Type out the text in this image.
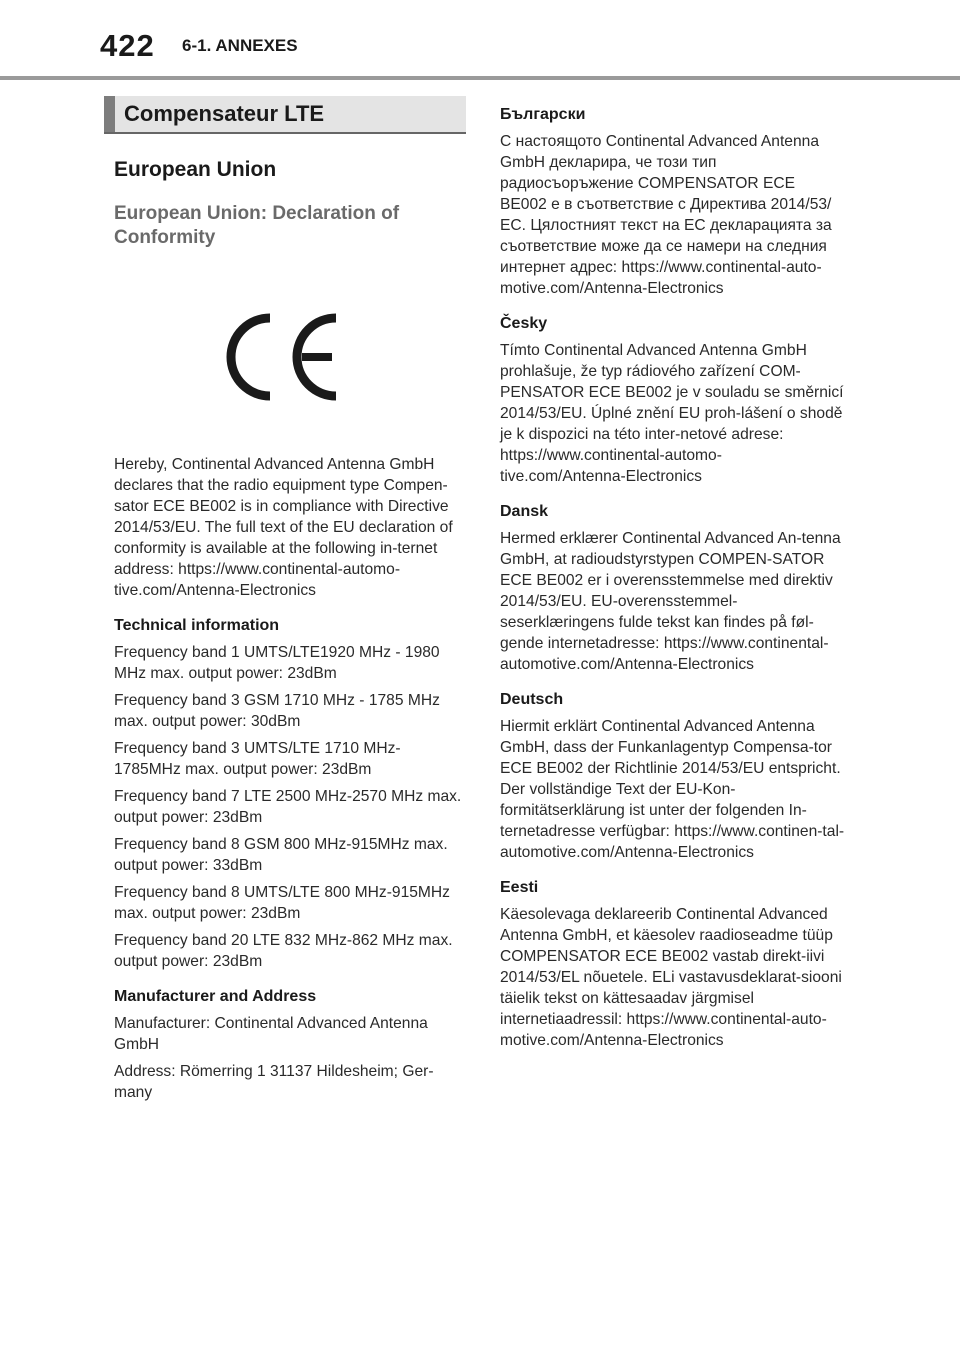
422 6-1. ANNEXES
Compensateur LTE
European Union
European Union: Declaration of Conformity

Hereby, Continental Advanced Antenna GmbH declares that the radio equipment type Compen-sator ECE BE002 is in compliance with Directive 2014/53/EU. The full text of the EU declaration of conformity is available at the following in-ternet address: https://www.continental-automo-tive.com/Antenna-Electronics

Technical information

Frequency band 1 UMTS/LTE1920 MHz - 1980 MHz max. output power: 23dBm

Frequency band 3 GSM 1710 MHz - 1785 MHz max. output power: 30dBm

Frequency band 3 UMTS/LTE 1710 MHz-1785MHz max. output power: 23dBm

Frequency band 7 LTE 2500 MHz-2570 MHz max. output power: 23dBm

Frequency band 8 GSM 800 MHz-915MHz max. output power: 33dBm

Frequency band 8 UMTS/LTE 800 MHz-915MHz max. output power: 23dBm

Frequency band 20 LTE 832 MHz-862 MHz max. output power: 23dBm

Manufacturer and Address

Manufacturer: Continental Advanced Antenna GmbH

Address: Römerring 1 31137 Hildesheim; Ger-many

Български

С настоящото Continental Advanced Antenna GmbH декларира, че този тип радиосъоръжение COMPENSATOR ECE BE002 е в съответствие с Директива 2014/53/ЕС. Цялостният текст на ЕС декларацията за съответствие може да се намери на следния интернет адрес: https://www.continental-auto-motive.com/Antenna-Electronics

Česky

Tímto Continental Advanced Antenna GmbH prohlašuje, že typ rádiového zařízení COM-PENSATOR ECE BE002 je v souladu se směrnicí 2014/53/EU. Úplné znění EU proh-lášení o shodě je k dispozici na této inter-netové adrese: https://www.continental-automo-tive.com/Antenna-Electronics

Dansk

Hermed erklærer Continental Advanced An-tenna GmbH, at radioudstyrstypen COMPEN-SATOR ECE BE002 er i overensstemmelse med direktiv 2014/53/EU. EU-overensstemmel-seserklæringens fulde tekst kan findes på føl-gende internetadresse: https://www.continental-automotive.com/Antenna-Electronics

Deutsch

Hiermit erklärt Continental Advanced Antenna GmbH, dass der Funkanlagentyp Compensa-tor ECE BE002 der Richtlinie 2014/53/EU entspricht. Der vollständige Text der EU-Kon-formitätserklärung ist unter der folgenden In-ternetadresse verfügbar: https://www.continen-tal-automotive.com/Antenna-Electronics

Eesti

Käesolevaga deklareerib Continental Advanced Antenna GmbH, et käesolev raadioseadme tüüp COMPENSATOR ECE BE002 vastab direkt-iivi 2014/53/EL nõuetele. ELi vastavusdeklarat-siooni täielik tekst on kättesaadav järgmisel internetiaadressil: https://www.continental-auto-motive.com/Antenna-Electronics
